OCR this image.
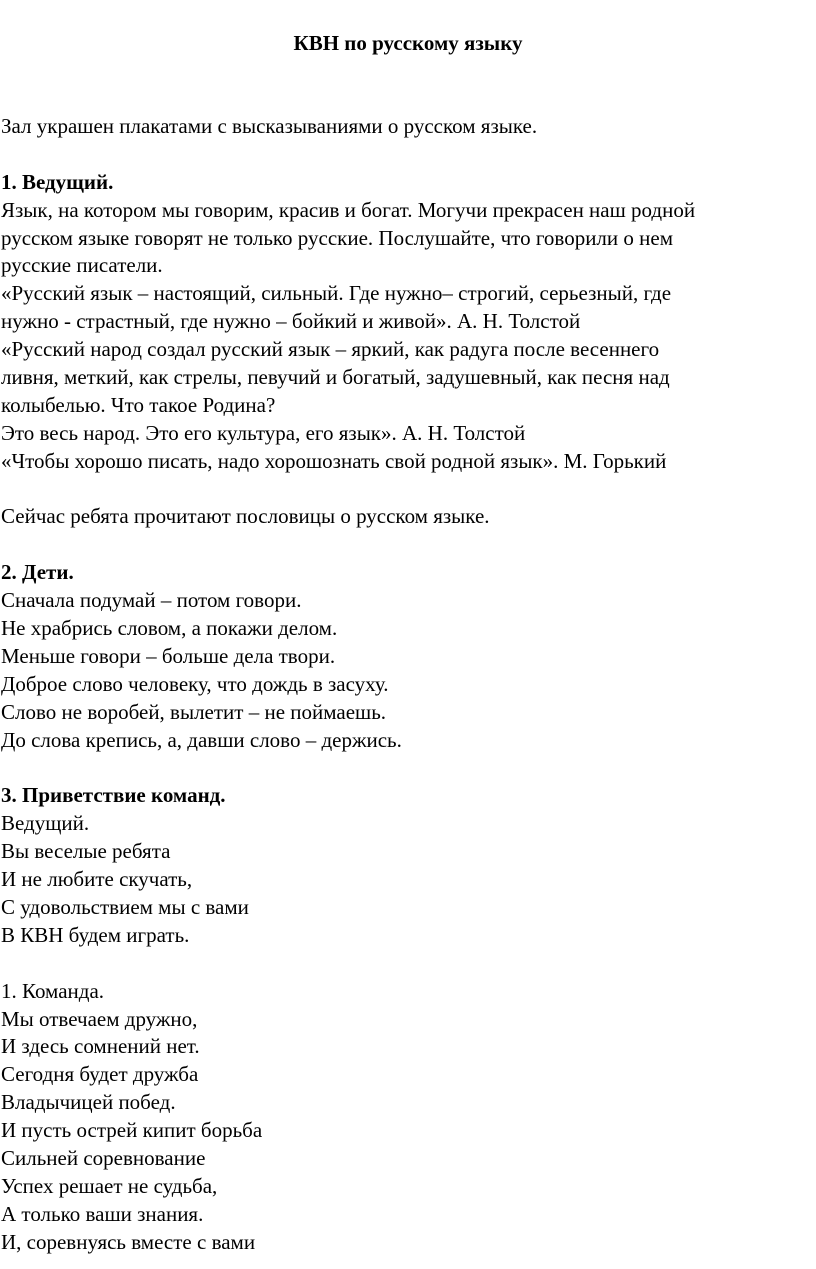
КВН по русскому языку
Зал украшен плакатами с высказываниями о русском языке.
1. Ведущий.
Язык, на котором мы говорим, красив и богат. Могучи прекрасен наш родной
русском языке говорят не только русские. Послушайте, что говорили о нем
русские писатели.
«Русский язык – настоящий, сильный. Где нужно– строгий, серьезный, где
нужно - страстный, где нужно – бойкий и живой». А. Н. Толстой
«Русский народ создал русский язык – яркий, как радуга после весеннего
ливня, меткий, как стрелы, певучий и богатый, задушевный, как песня над
колыбелью. Что такое Родина?
Это весь народ. Это его культура, его язык». А. Н. Толстой
«Чтобы хорошо писать, надо хорошознать свой родной язык». М. Горький
Сейчас ребята прочитают пословицы о русском языке.
2. Дети.
Сначала подумай – потом говори.
Не храбрись словом, а покажи делом.
Меньше говори – больше дела твори.
Доброе слово человеку, что дождь в засуху.
Слово не воробей, вылетит – не поймаешь.
До слова крепись, а, давши слово – держись.
3. Приветствие команд.
Ведущий.
Вы веселые ребята
И не любите скучать,
С удовольствием мы с вами
В КВН будем играть.
1. Команда.
Мы отвечаем дружно,
И здесь сомнений нет.
Сегодня будет дружба
Владычицей побед.
И пусть острей кипит борьба
Сильней соревнование
Успех решает не судьба,
А только ваши знания.
И, соревнуясь вместе с вами
